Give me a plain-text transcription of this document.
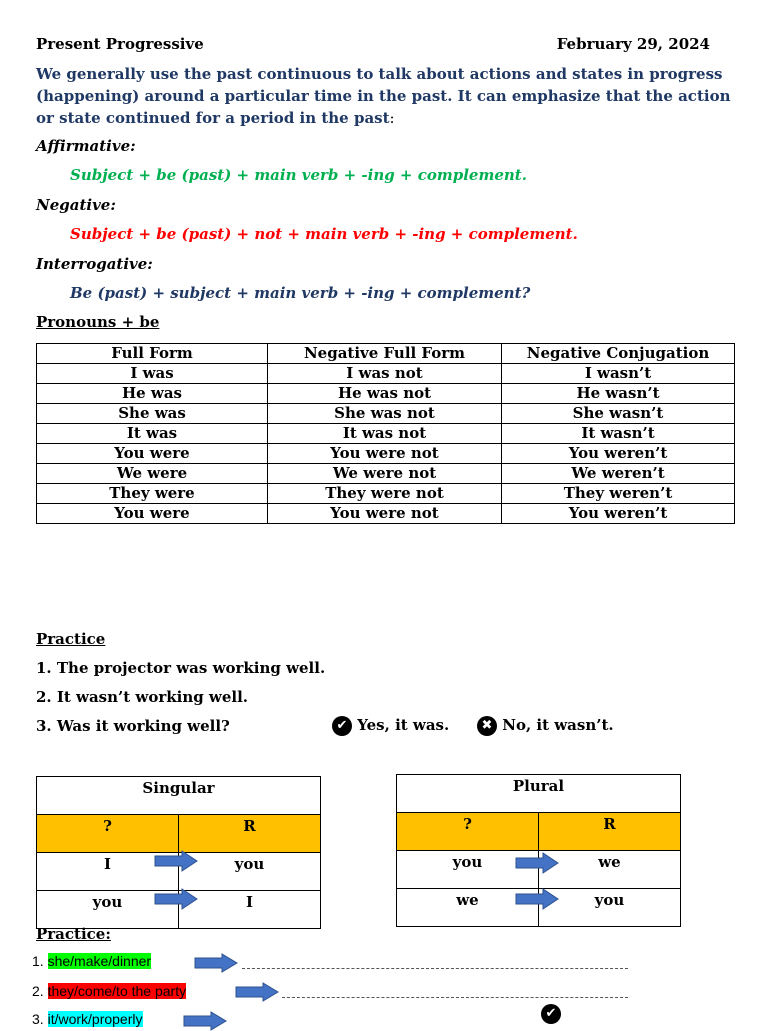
Present Progressive	February 29, 2024
We generally use the past continuous to talk about actions and states in progress (happening) around a particular time in the past. It can emphasize that the action or state continued for a period in the past:
Affirmative:
Subject + be (past) + main verb + -ing + complement.
Negative:
Subject + be (past) + not + main verb + -ing + complement.
Interrogative:
Be (past) + subject + main verb + -ing + complement?
Pronouns + be
Full Form	Negative Full Form	Negative Conjugation
I was	I was not	I wasn’t
He was	He was not	He wasn’t
She was	She was not	She wasn’t
It was	It was not	It wasn’t
You were	You were not	You weren’t
We were	We were not	We weren’t
They were	They were not	They weren’t
You were	You were not	You weren’t
Practice
1. The projector was working well.
2. It wasn’t working well.
3. Was it working well?	✔ Yes, it was.	✖ No, it wasn’t.
Singular	
?	R
I	you
you	I
Plural	
?	R
you	we
we	you
Practice:
1. she/make/dinner
2. they/come/to the party
3. it/work/properly	✔
